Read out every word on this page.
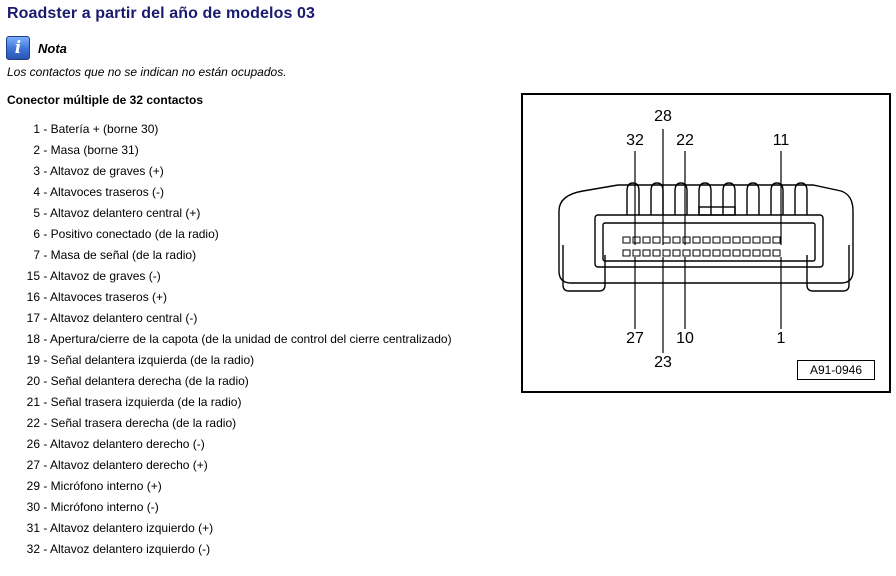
Roadster a partir del año de modelos 03
i	Nota
Los contactos que no se indican no están ocupados.
Conector múltiple de 32 contactos
1 - Batería + (borne 30)
2 - Masa (borne 31)
3 - Altavoz de graves (+)
4 - Altavoces traseros (-)
5 - Altavoz delantero central (+)
6 - Positivo conectado (de la radio)
7 - Masa de señal (de la radio)
15 - Altavoz de graves (-)
16 - Altavoces traseros (+)
17 - Altavoz delantero central (-)
18 - Apertura/cierre de la capota (de la unidad de control del cierre centralizado)
19 - Señal delantera izquierda (de la radio)
20 - Señal delantera derecha (de la radio)
21 - Señal trasera izquierda (de la radio)
22 - Señal trasera derecha (de la radio)
26 - Altavoz delantero derecho (-)
27 - Altavoz delantero derecho (+)
29 - Micrófono interno (+)
30 - Micrófono interno (-)
31 - Altavoz delantero izquierdo (+)
32 - Altavoz delantero izquierdo (-)
28
32	22	11
27	10	1
23	A91-0946
